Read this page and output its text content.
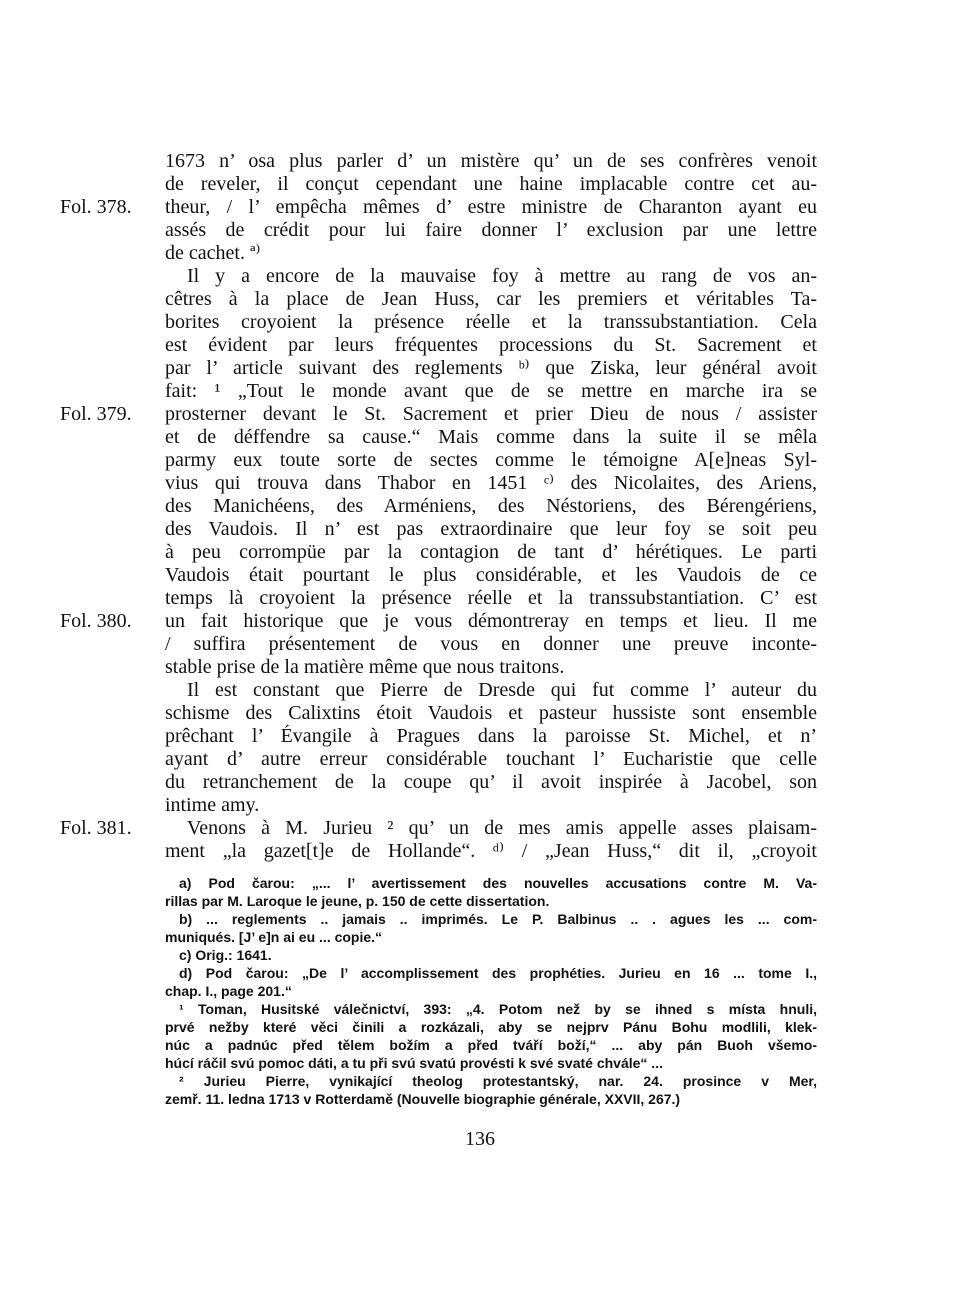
Fol. 378.
Fol. 379.
Fol. 380.
Fol. 381.
1673 n’ osa plus parler d’ un mistère qu’ un de ses confrères venoit
de reveler, il conçut cependant une haine implacable contre cet au-
theur, / l’ empêcha mêmes d’ estre ministre de Charanton ayant eu
assés de crédit pour lui faire donner l’ exclusion par une lettre
de cachet. ª⁾
Il y a encore de la mauvaise foy à mettre au rang de vos an-
cêtres à la place de Jean Huss, car les premiers et véritables Ta-
borites croyoient la présence réelle et la transsubstantiation. Cela
est évident par leurs fréquentes processions du St. Sacrement et
par l’ article suivant des reglements ᵇ⁾ que Ziska, leur général avoit
fait: ¹ „Tout le monde avant que de se mettre en marche ira se
prosterner devant le St. Sacrement et prier Dieu de nous / assister
et de déffendre sa cause.“ Mais comme dans la suite il se mêla
parmy eux toute sorte de sectes comme le témoigne A[e]neas Syl-
vius qui trouva dans Thabor en 1451 ᶜ⁾ des Nicolaites, des Ariens,
des Manichéens, des Arméniens, des Néstoriens, des Bérengériens,
des Vaudois. Il n’ est pas extraordinaire que leur foy se soit peu
à peu corrompüe par la contagion de tant d’ hérétiques. Le parti
Vaudois était pourtant le plus considérable, et les Vaudois de ce
temps là croyoient la présence réelle et la transsubstantiation. C’ est
un fait historique que je vous démontreray en temps et lieu. Il me
/ suffira présentement de vous en donner une preuve inconte-
stable prise de la matière même que nous traitons.
Il est constant que Pierre de Dresde qui fut comme l’ auteur du
schisme des Calixtins étoit Vaudois et pasteur hussiste sont ensemble
prêchant l’ Évangile à Pragues dans la paroisse St. Michel, et n’
ayant d’ autre erreur considérable touchant l’ Eucharistie que celle
du retranchement de la coupe qu’ il avoit inspirée à Jacobel, son
intime amy.
Venons à M. Jurieu ² qu’ un de mes amis appelle asses plaisam-
ment „la gazet[t]e de Hollande“. ᵈ⁾ / „Jean Huss,“ dit il, „croyoit
a) Pod čarou: „... l’ avertissement des nouvelles accusations contre M. Va-
rillas par M. Laroque le jeune, p. 150 de cette dissertation.
b) ... reglements .. jamais .. imprimés. Le P. Balbinus .. . agues les ... com-
muniqués. [J’ e]n ai eu ... copie.“
c) Orig.: 1641.
d) Pod čarou: „De l’ accomplissement des prophéties. Jurieu en 16 ... tome I.,
chap. I., page 201.“
¹ Toman, Husitské válečnictví, 393: „4. Potom než by se ihned s místa hnuli,
prvé nežby které věci činili a rozkázali, aby se nejprv Pánu Bohu modlili, klek-
núc a padnúc před tělem božím a před tváří boží,“ ... aby pán Buoh všemo-
húcí ráčil svú pomoc dáti, a tu při svú svatú provésti k své svaté chvále“ ...
² Jurieu Pierre, vynikající theolog protestantský, nar. 24. prosince v Mer,
zemř. 11. ledna 1713 v Rotterdamě (Nouvelle biographie générale, XXVII, 267.)
136
